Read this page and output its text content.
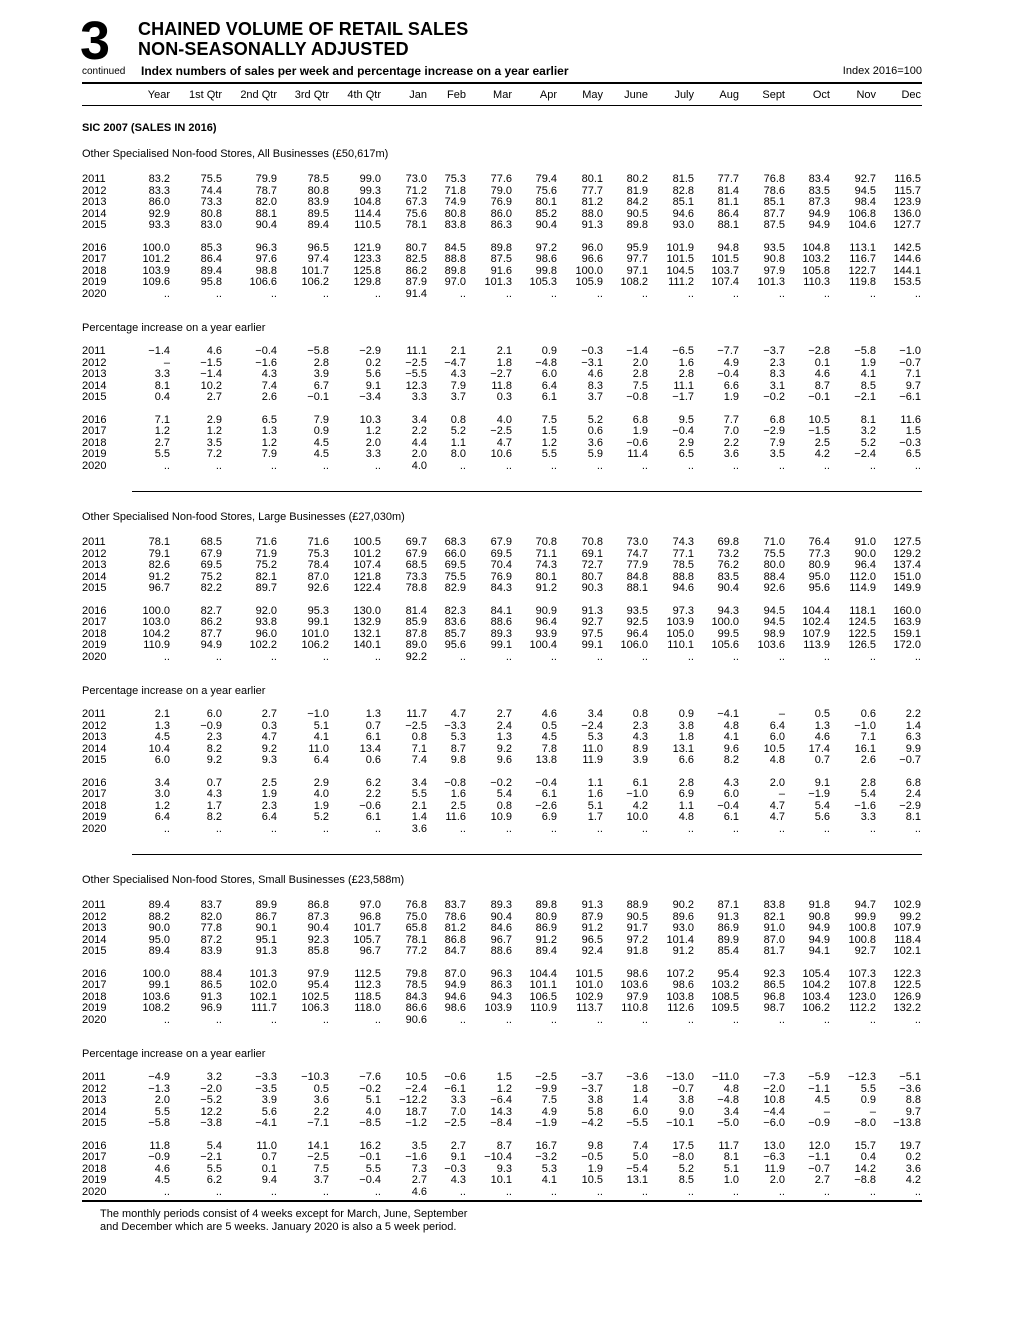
3 CHAINED VOLUME OF RETAIL SALES
NON-SEASONALLY ADJUSTED
continued Index numbers of sales per week and percentage increase on a year earlier	Index 2016=100
Year	1st Qtr	2nd Qtr	3rd Qtr	4th Qtr	Jan	Feb	Mar	Apr	May	June	July	Aug	Sept	Oct	Nov	Dec
SIC 2007 (SALES IN 2016)
Other Specialised Non-food Stores, All Businesses (£50,617m)
2011	83.2	75.5	79.9	78.5	99.0	73.0	75.3	77.6	79.4	80.1	80.2	81.5	77.7	76.8	83.4	92.7	116.5
2012	83.3	74.4	78.7	80.8	99.3	71.2	71.8	79.0	75.6	77.7	81.9	82.8	81.4	78.6	83.5	94.5	115.7
2013	86.0	73.3	82.0	83.9	104.8	67.3	74.9	76.9	80.1	81.2	84.2	85.1	81.1	85.1	87.3	98.4	123.9
2014	92.9	80.8	88.1	89.5	114.4	75.6	80.8	86.0	85.2	88.0	90.5	94.6	86.4	87.7	94.9	106.8	136.0
2015	93.3	83.0	90.4	89.4	110.5	78.1	83.8	86.3	90.4	91.3	89.8	93.0	88.1	87.5	94.9	104.6	127.7
2016	100.0	85.3	96.3	96.5	121.9	80.7	84.5	89.8	97.2	96.0	95.9	101.9	94.8	93.5	104.8	113.1	142.5
2017	101.2	86.4	97.6	97.4	123.3	82.5	88.8	87.5	98.6	96.6	97.7	101.5	101.5	90.8	103.2	116.7	144.6
2018	103.9	89.4	98.8	101.7	125.8	86.2	89.8	91.6	99.8	100.0	97.1	104.5	103.7	97.9	105.8	122.7	144.1
2019	109.6	95.8	106.6	106.2	129.8	87.9	97.0	101.3	105.3	105.9	108.2	111.2	107.4	101.3	110.3	119.8	153.5
2020	..	..	..	..	..	91.4	..	..	..	..	..	..	..	..	..	..	..
Percentage increase on a year earlier
2011	−1.4	4.6	−0.4	−5.8	−2.9	11.1	2.1	2.1	0.9	−0.3	−1.4	−6.5	−7.7	−3.7	−2.8	−5.8	−1.0
2012	–	−1.5	−1.6	2.8	0.2	−2.5	−4.7	1.8	−4.8	−3.1	2.0	1.6	4.9	2.3	0.1	1.9	−0.7
2013	3.3	−1.4	4.3	3.9	5.6	−5.5	4.3	−2.7	6.0	4.6	2.8	2.8	−0.4	8.3	4.6	4.1	7.1
2014	8.1	10.2	7.4	6.7	9.1	12.3	7.9	11.8	6.4	8.3	7.5	11.1	6.6	3.1	8.7	8.5	9.7
2015	0.4	2.7	2.6	−0.1	−3.4	3.3	3.7	0.3	6.1	3.7	−0.8	−1.7	1.9	−0.2	−0.1	−2.1	−6.1
2016	7.1	2.9	6.5	7.9	10.3	3.4	0.8	4.0	7.5	5.2	6.8	9.5	7.7	6.8	10.5	8.1	11.6
2017	1.2	1.2	1.3	0.9	1.2	2.2	5.2	−2.5	1.5	0.6	1.9	−0.4	7.0	−2.9	−1.5	3.2	1.5
2018	2.7	3.5	1.2	4.5	2.0	4.4	1.1	4.7	1.2	3.6	−0.6	2.9	2.2	7.9	2.5	5.2	−0.3
2019	5.5	7.2	7.9	4.5	3.3	2.0	8.0	10.6	5.5	5.9	11.4	6.5	3.6	3.5	4.2	−2.4	6.5
2020	..	..	..	..	..	4.0	..	..	..	..	..	..	..	..	..	..	..
Other Specialised Non-food Stores, Large Businesses (£27,030m)
2011	78.1	68.5	71.6	71.6	100.5	69.7	68.3	67.9	70.8	70.8	73.0	74.3	69.8	71.0	76.4	91.0	127.5
2012	79.1	67.9	71.9	75.3	101.2	67.9	66.0	69.5	71.1	69.1	74.7	77.1	73.2	75.5	77.3	90.0	129.2
2013	82.6	69.5	75.2	78.4	107.4	68.5	69.5	70.4	74.3	72.7	77.9	78.5	76.2	80.0	80.9	96.4	137.4
2014	91.2	75.2	82.1	87.0	121.8	73.3	75.5	76.9	80.1	80.7	84.8	88.8	83.5	88.4	95.0	112.0	151.0
2015	96.7	82.2	89.7	92.6	122.4	78.8	82.9	84.3	91.2	90.3	88.1	94.6	90.4	92.6	95.6	114.9	149.9
2016	100.0	82.7	92.0	95.3	130.0	81.4	82.3	84.1	90.9	91.3	93.5	97.3	94.3	94.5	104.4	118.1	160.0
2017	103.0	86.2	93.8	99.1	132.9	85.9	83.6	88.6	96.4	92.7	92.5	103.9	100.0	94.5	102.4	124.5	163.9
2018	104.2	87.7	96.0	101.0	132.1	87.8	85.7	89.3	93.9	97.5	96.4	105.0	99.5	98.9	107.9	122.5	159.1
2019	110.9	94.9	102.2	106.2	140.1	89.0	95.6	99.1	100.4	99.1	106.0	110.1	105.6	103.6	113.9	126.5	172.0
2020	..	..	..	..	..	92.2	..	..	..	..	..	..	..	..	..	..	..
Percentage increase on a year earlier
2011	2.1	6.0	2.7	−1.0	1.3	11.7	4.7	2.7	4.6	3.4	0.8	0.9	−4.1	–	0.5	0.6	2.2
2012	1.3	−0.9	0.3	5.1	0.7	−2.5	−3.3	2.4	0.5	−2.4	2.3	3.8	4.8	6.4	1.3	−1.0	1.4
2013	4.5	2.3	4.7	4.1	6.1	0.8	5.3	1.3	4.5	5.3	4.3	1.8	4.1	6.0	4.6	7.1	6.3
2014	10.4	8.2	9.2	11.0	13.4	7.1	8.7	9.2	7.8	11.0	8.9	13.1	9.6	10.5	17.4	16.1	9.9
2015	6.0	9.2	9.3	6.4	0.6	7.4	9.8	9.6	13.8	11.9	3.9	6.6	8.2	4.8	0.7	2.6	−0.7
2016	3.4	0.7	2.5	2.9	6.2	3.4	−0.8	−0.2	−0.4	1.1	6.1	2.8	4.3	2.0	9.1	2.8	6.8
2017	3.0	4.3	1.9	4.0	2.2	5.5	1.6	5.4	6.1	1.6	−1.0	6.9	6.0	–	−1.9	5.4	2.4
2018	1.2	1.7	2.3	1.9	−0.6	2.1	2.5	0.8	−2.6	5.1	4.2	1.1	−0.4	4.7	5.4	−1.6	−2.9
2019	6.4	8.2	6.4	5.2	6.1	1.4	11.6	10.9	6.9	1.7	10.0	4.8	6.1	4.7	5.6	3.3	8.1
2020	..	..	..	..	..	3.6	..	..	..	..	..	..	..	..	..	..	..
Other Specialised Non-food Stores, Small Businesses (£23,588m)
2011	89.4	83.7	89.9	86.8	97.0	76.8	83.7	89.3	89.8	91.3	88.9	90.2	87.1	83.8	91.8	94.7	102.9
2012	88.2	82.0	86.7	87.3	96.8	75.0	78.6	90.4	80.9	87.9	90.5	89.6	91.3	82.1	90.8	99.9	99.2
2013	90.0	77.8	90.1	90.4	101.7	65.8	81.2	84.6	86.9	91.2	91.7	93.0	86.9	91.0	94.9	100.8	107.9
2014	95.0	87.2	95.1	92.3	105.7	78.1	86.8	96.7	91.2	96.5	97.2	101.4	89.9	87.0	94.9	100.8	118.4
2015	89.4	83.9	91.3	85.8	96.7	77.2	84.7	88.6	89.4	92.4	91.8	91.2	85.4	81.7	94.1	92.7	102.1
2016	100.0	88.4	101.3	97.9	112.5	79.8	87.0	96.3	104.4	101.5	98.6	107.2	95.4	92.3	105.4	107.3	122.3
2017	99.1	86.5	102.0	95.4	112.3	78.5	94.9	86.3	101.1	101.0	103.6	98.6	103.2	86.5	104.2	107.8	122.5
2018	103.6	91.3	102.1	102.5	118.5	84.3	94.6	94.3	106.5	102.9	97.9	103.8	108.5	96.8	103.4	123.0	126.9
2019	108.2	96.9	111.7	106.3	118.0	86.6	98.6	103.9	110.9	113.7	110.8	112.6	109.5	98.7	106.2	112.2	132.2
2020	..	..	..	..	..	90.6	..	..	..	..	..	..	..	..	..	..	..
Percentage increase on a year earlier
2011	−4.9	3.2	−3.3	−10.3	−7.6	10.5	−0.6	1.5	−2.5	−3.7	−3.6	−13.0	−11.0	−7.3	−5.9	−12.3	−5.1
2012	−1.3	−2.0	−3.5	0.5	−0.2	−2.4	−6.1	1.2	−9.9	−3.7	1.8	−0.7	4.8	−2.0	−1.1	5.5	−3.6
2013	2.0	−5.2	3.9	3.6	5.1	−12.2	3.3	−6.4	7.5	3.8	1.4	3.8	−4.8	10.8	4.5	0.9	8.8
2014	5.5	12.2	5.6	2.2	4.0	18.7	7.0	14.3	4.9	5.8	6.0	9.0	3.4	−4.4	–	–	9.7
2015	−5.8	−3.8	−4.1	−7.1	−8.5	−1.2	−2.5	−8.4	−1.9	−4.2	−5.5	−10.1	−5.0	−6.0	−0.9	−8.0	−13.8
2016	11.8	5.4	11.0	14.1	16.2	3.5	2.7	8.7	16.7	9.8	7.4	17.5	11.7	13.0	12.0	15.7	19.7
2017	−0.9	−2.1	0.7	−2.5	−0.1	−1.6	9.1	−10.4	−3.2	−0.5	5.0	−8.0	8.1	−6.3	−1.1	0.4	0.2
2018	4.6	5.5	0.1	7.5	5.5	7.3	−0.3	9.3	5.3	1.9	−5.4	5.2	5.1	11.9	−0.7	14.2	3.6
2019	4.5	6.2	9.4	3.7	−0.4	2.7	4.3	10.1	4.1	10.5	13.1	8.5	1.0	2.0	2.7	−8.8	4.2
2020	..	..	..	..	..	4.6	..	..	..	..	..	..	..	..	..	..	..
The monthly periods consist of 4 weeks except for March, June, September
and December which are 5 weeks. January 2020 is also a 5 week period.
